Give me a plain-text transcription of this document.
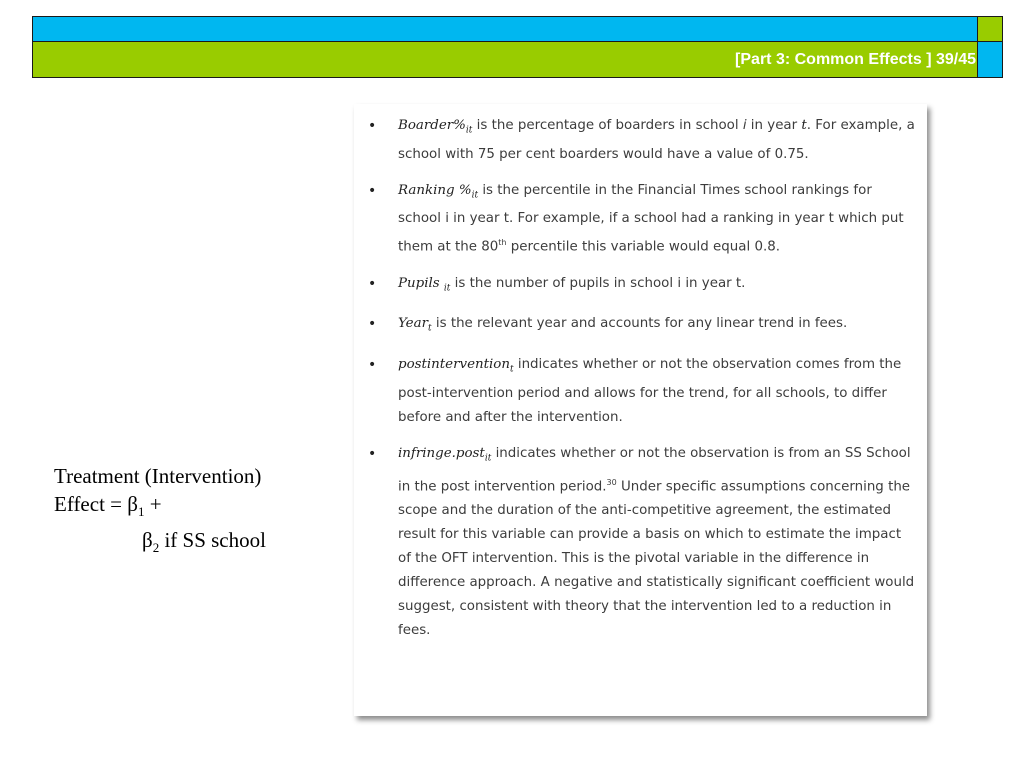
[Part 3: Common Effects ] 39/45
Treatment (Intervention)
Effect = $\beta_1$ +
$\beta_2$ if SS school
• $Boarder\%_{it}$ is the percentage of boarders in school i in year t. For example, a school with 75 per cent boarders would have a value of 0.75.
• Ranking $\%_{it}$ is the percentile in the Financial Times school rankings for school i in year t. For example, if a school had a ranking in year t which put them at the 80th percentile this variable would equal 0.8.
• Pupils $_{it}$ is the number of pupils in school i in year t.
• Year$_t$ is the relevant year and accounts for any linear trend in fees.
• postintervention$_t$ indicates whether or not the observation comes from the post-intervention period and allows for the trend, for all schools, to differ before and after the intervention.
• infringe.post$_{it}$ indicates whether or not the observation is from an SS School in the post intervention period.$^{30}$ Under specific assumptions concerning the scope and the duration of the anti-competitive agreement, the estimated result for this variable can provide a basis on which to estimate the impact of the OFT intervention. This is the pivotal variable in the difference in difference approach. A negative and statistically significant coefficient would suggest, consistent with theory that the intervention led to a reduction in fees.
